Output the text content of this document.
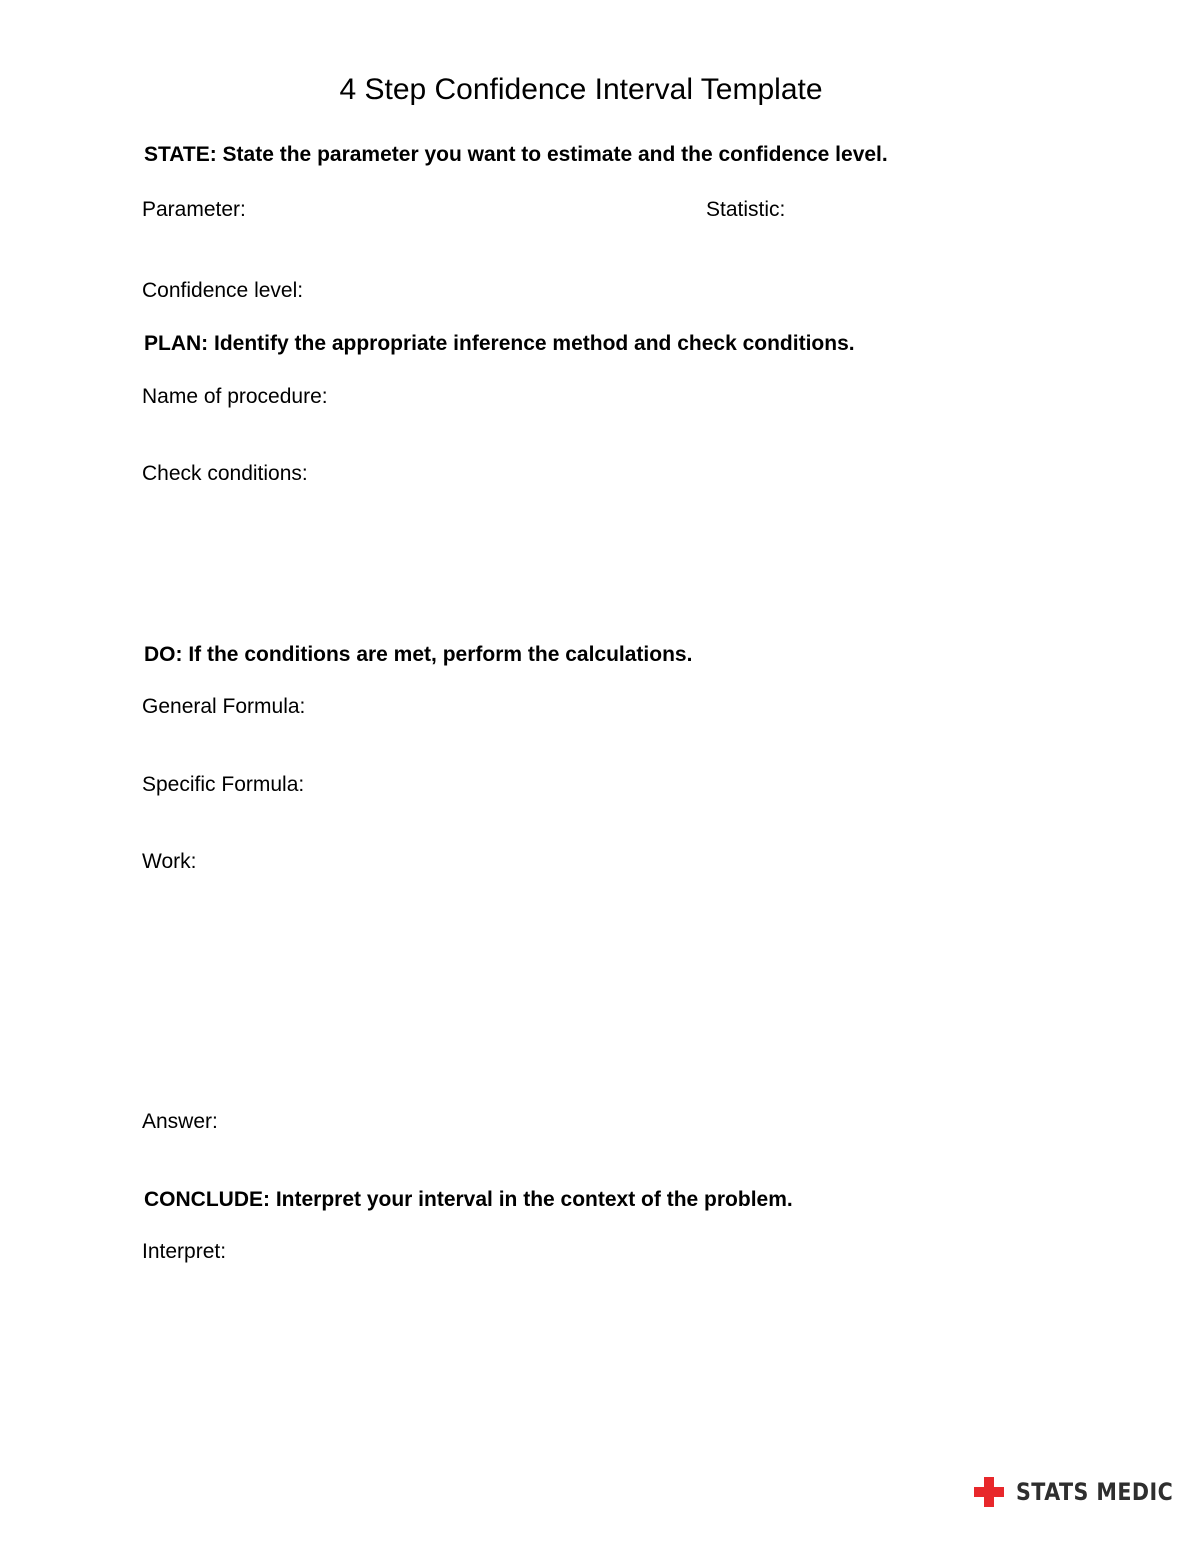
4 Step Confidence Interval Template
STATE: State the parameter you want to estimate and the confidence level.
Parameter:	Statistic:
Confidence level:
PLAN: Identify the appropriate inference method and check conditions.
Name of procedure:
Check conditions:
DO: If the conditions are met, perform the calculations.
General Formula:
Specific Formula:
Work:
Answer:
CONCLUDE: Interpret your interval in the context of the problem.
Interpret:
STATS MEDIC
